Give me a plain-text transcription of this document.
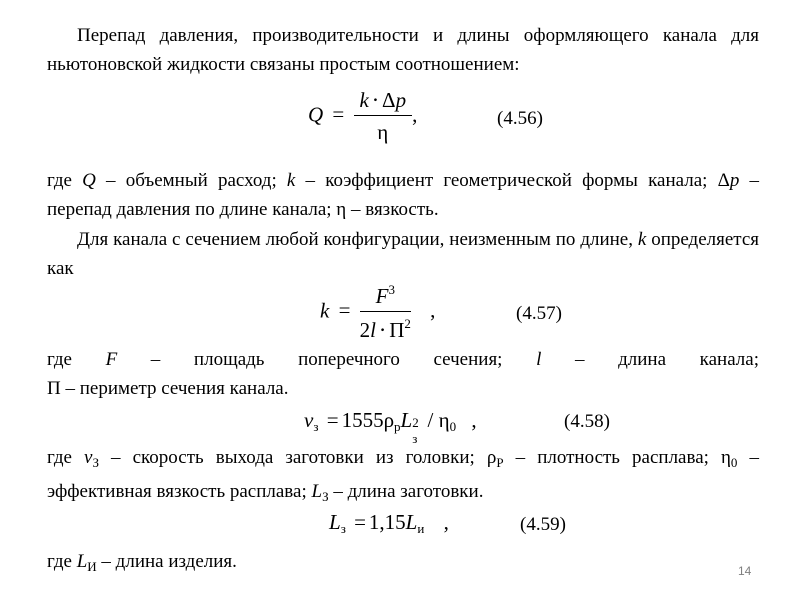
Перепад давления, производительности и длины оформляющего канала для ньютоновской жидкости связаны простым соотношением:
$Q = \frac{k \cdot \Delta p}{\eta}$ ,	(4.56)
где Q – объемный расход; k – коэффициент геометрической формы канала; Δp – перепад давления по длине канала; η – вязкость.
Для канала с сечением любой конфигурации, неизменным по длине, k определяется как
$k = \frac{F^3}{2l \cdot \Pi^2}$ ,	(4.57)
где F – площадь поперечного сечения; l – длина канала;
Π – периметр сечения канала.
$v_з = 1555\rho_рL$ 2
з
/ $\eta_0$ ,	(4.58)
где $v_З$ – скорость выхода заготовки из головки; $\rho_Р$ – плотность расплава; $\eta_0$ – эффективная вязкость расплава; $L_З$ – длина заготовки.
$L_з = 1,15L_и$ ,	(4.59)
где $L_И$ – длина изделия.	14
